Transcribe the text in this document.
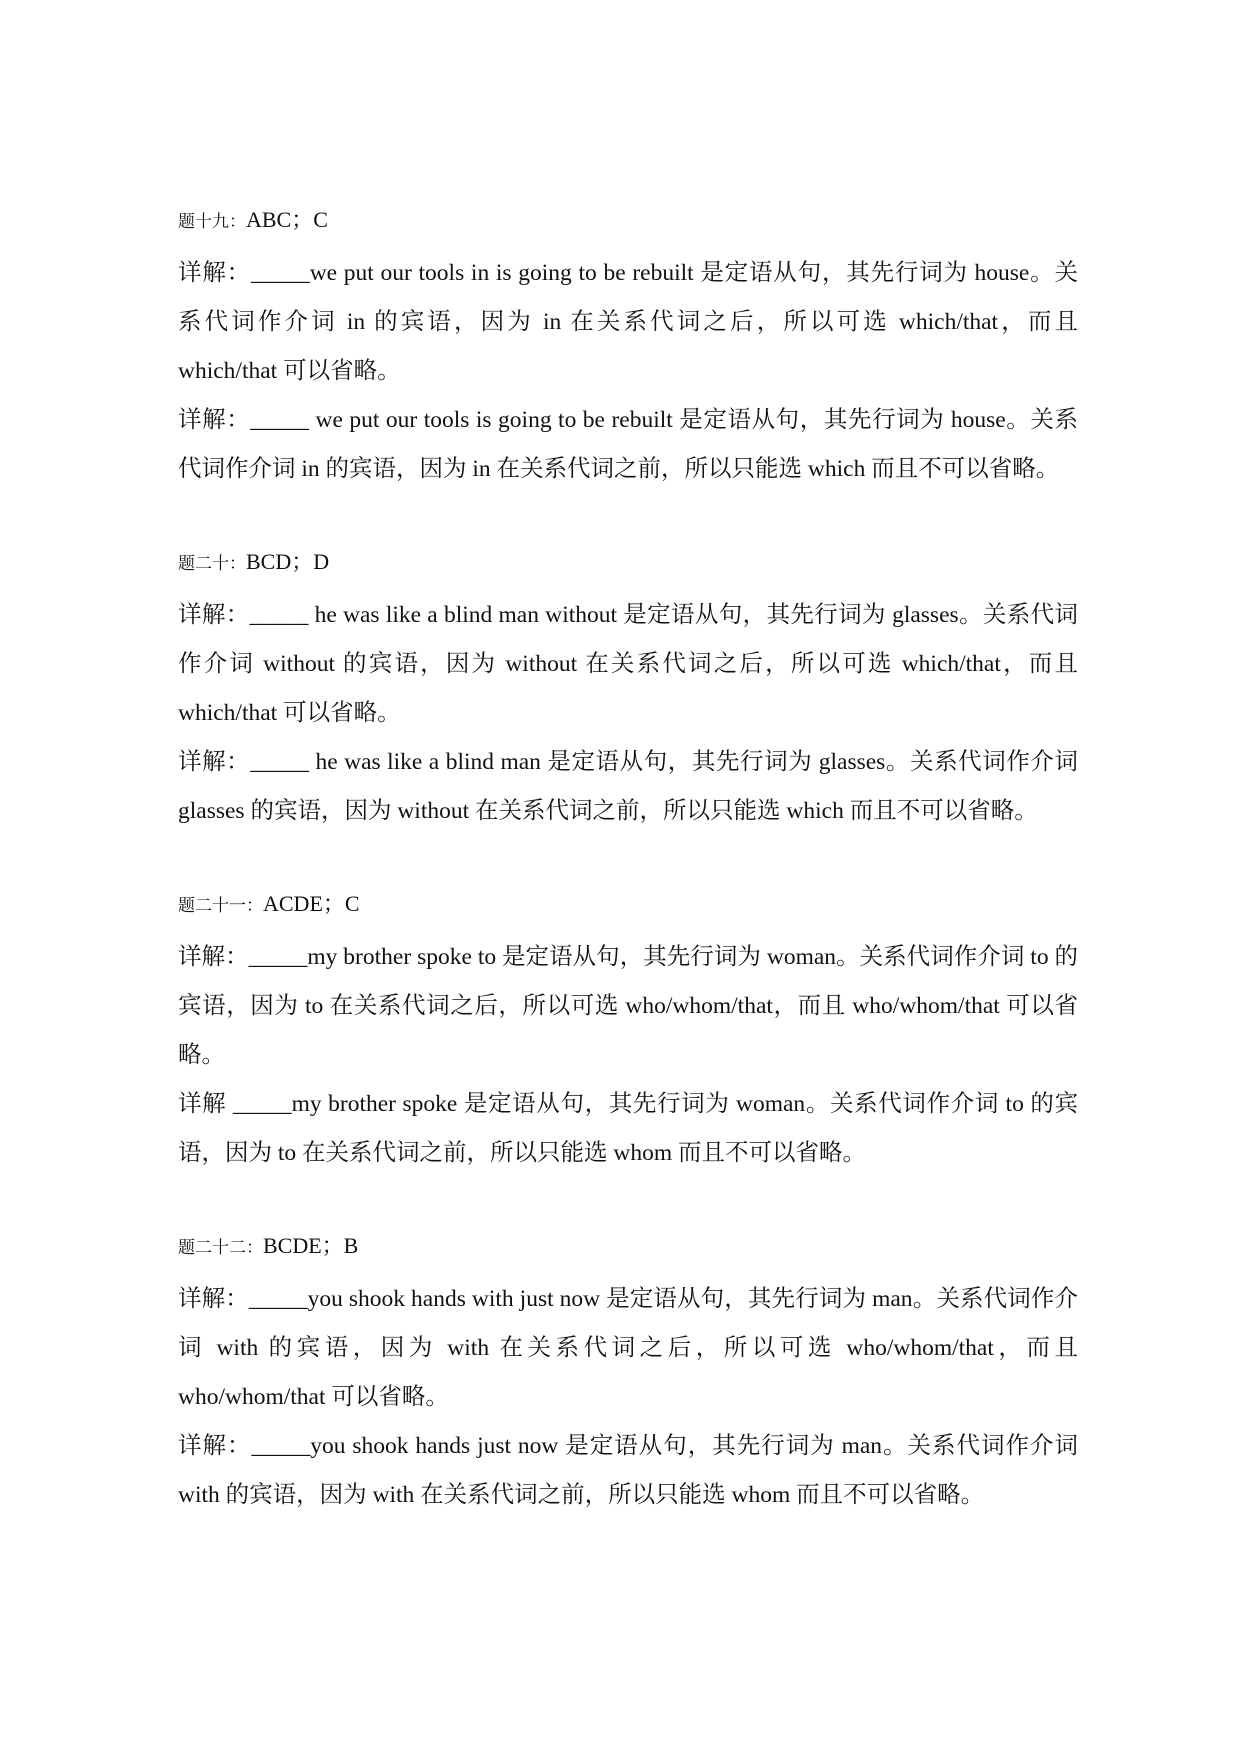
题十九：ABC；C
详解：_____we put our tools in is going to be rebuilt 是定语从句，其先行词为 house。关系代词作介词 in 的宾语，因为 in 在关系代词之后，所以可选 which/that，而且 which/that 可以省略。
详解：_____ we put our tools is going to be rebuilt 是定语从句，其先行词为 house。关系代词作介词 in 的宾语，因为 in 在关系代词之前，所以只能选 which 而且不可以省略。
题二十：BCD；D
详解：_____ he was like a blind man without 是定语从句，其先行词为 glasses。关系代词作介词 without 的宾语，因为 without 在关系代词之后，所以可选 which/that，而且 which/that 可以省略。
详解：_____ he was like a blind man 是定语从句，其先行词为 glasses。关系代词作介词 glasses 的宾语，因为 without 在关系代词之前，所以只能选 which 而且不可以省略。
题二十一：ACDE；C
详解：_____my brother spoke to 是定语从句，其先行词为 woman。关系代词作介词 to 的宾语，因为 to 在关系代词之后，所以可选 who/whom/that，而且 who/whom/that 可以省略。
详解 _____my brother spoke 是定语从句，其先行词为 woman。关系代词作介词 to 的宾语，因为 to 在关系代词之前，所以只能选 whom 而且不可以省略。
题二十二：BCDE；B
详解：_____you shook hands with just now 是定语从句，其先行词为 man。关系代词作介词 with 的宾语，因为 with 在关系代词之后，所以可选 who/whom/that，而且 who/whom/that 可以省略。
详解：_____you shook hands just now 是定语从句，其先行词为 man。关系代词作介词 with 的宾语，因为 with 在关系代词之前，所以只能选 whom 而且不可以省略。
